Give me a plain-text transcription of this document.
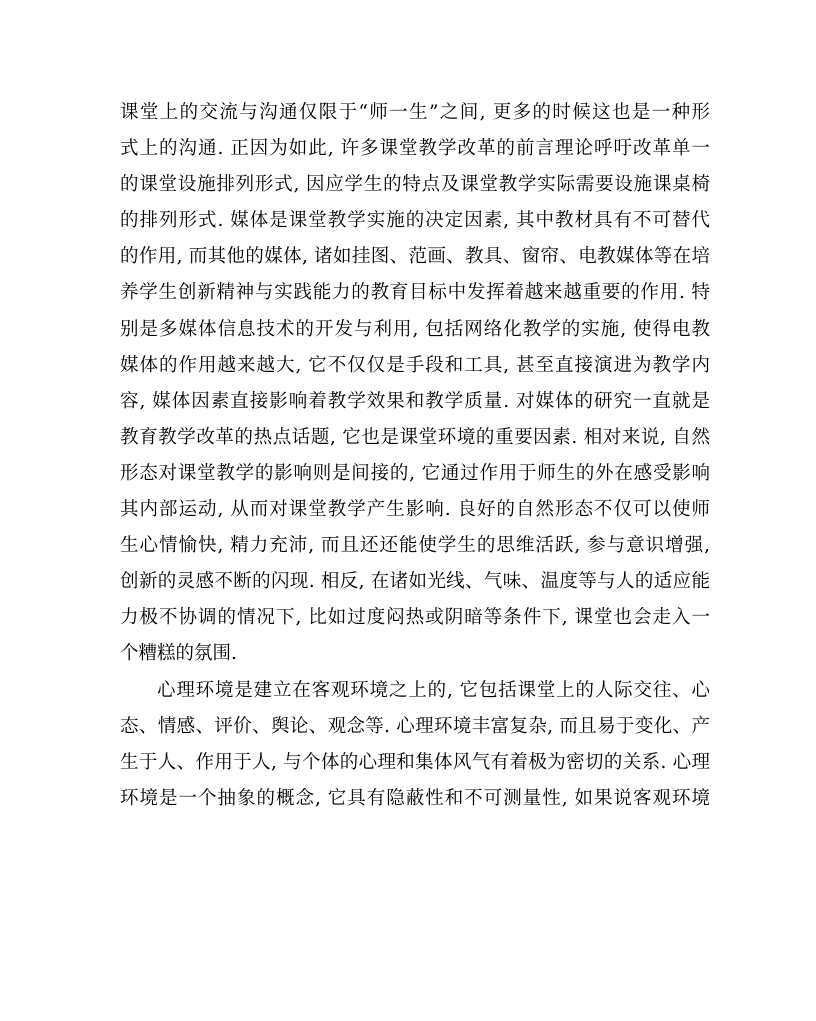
课堂上的交流与沟通仅限于“师一生”之间, 更多的时候这也是一种形
式上的沟通. 正因为如此, 许多课堂教学改革的前言理论呼吁改革单一
的课堂设施排列形式, 因应学生的特点及课堂教学实际需要设施课桌椅
的排列形式. 媒体是课堂教学实施的决定因素, 其中教材具有不可替代
的作用, 而其他的媒体, 诸如挂图、范画、教具、窗帘、电教媒体等在培
养学生创新精神与实践能力的教育目标中发挥着越来越重要的作用. 特
别是多媒体信息技术的开发与利用, 包括网络化教学的实施, 使得电教
媒体的作用越来越大, 它不仅仅是手段和工具, 甚至直接演进为教学内
容, 媒体因素直接影响着教学效果和教学质量. 对媒体的研究一直就是
教育教学改革的热点话题, 它也是课堂环境的重要因素. 相对来说, 自然
形态对课堂教学的影响则是间接的, 它通过作用于师生的外在感受影响
其内部运动, 从而对课堂教学产生影响. 良好的自然形态不仅可以使师
生心情愉快, 精力充沛, 而且还还能使学生的思维活跃, 参与意识增强,
创新的灵感不断的闪现. 相反, 在诸如光线、气味、温度等与人的适应能
力极不协调的情况下, 比如过度闷热或阴暗等条件下, 课堂也会走入一
个糟糕的氛围.
心理环境是建立在客观环境之上的, 它包括课堂上的人际交往、心
态、情感、评价、舆论、观念等. 心理环境丰富复杂, 而且易于变化、产
生于人、作用于人, 与个体的心理和集体风气有着极为密切的关系. 心理
环境是一个抽象的概念, 它具有隐蔽性和不可测量性, 如果说客观环境
